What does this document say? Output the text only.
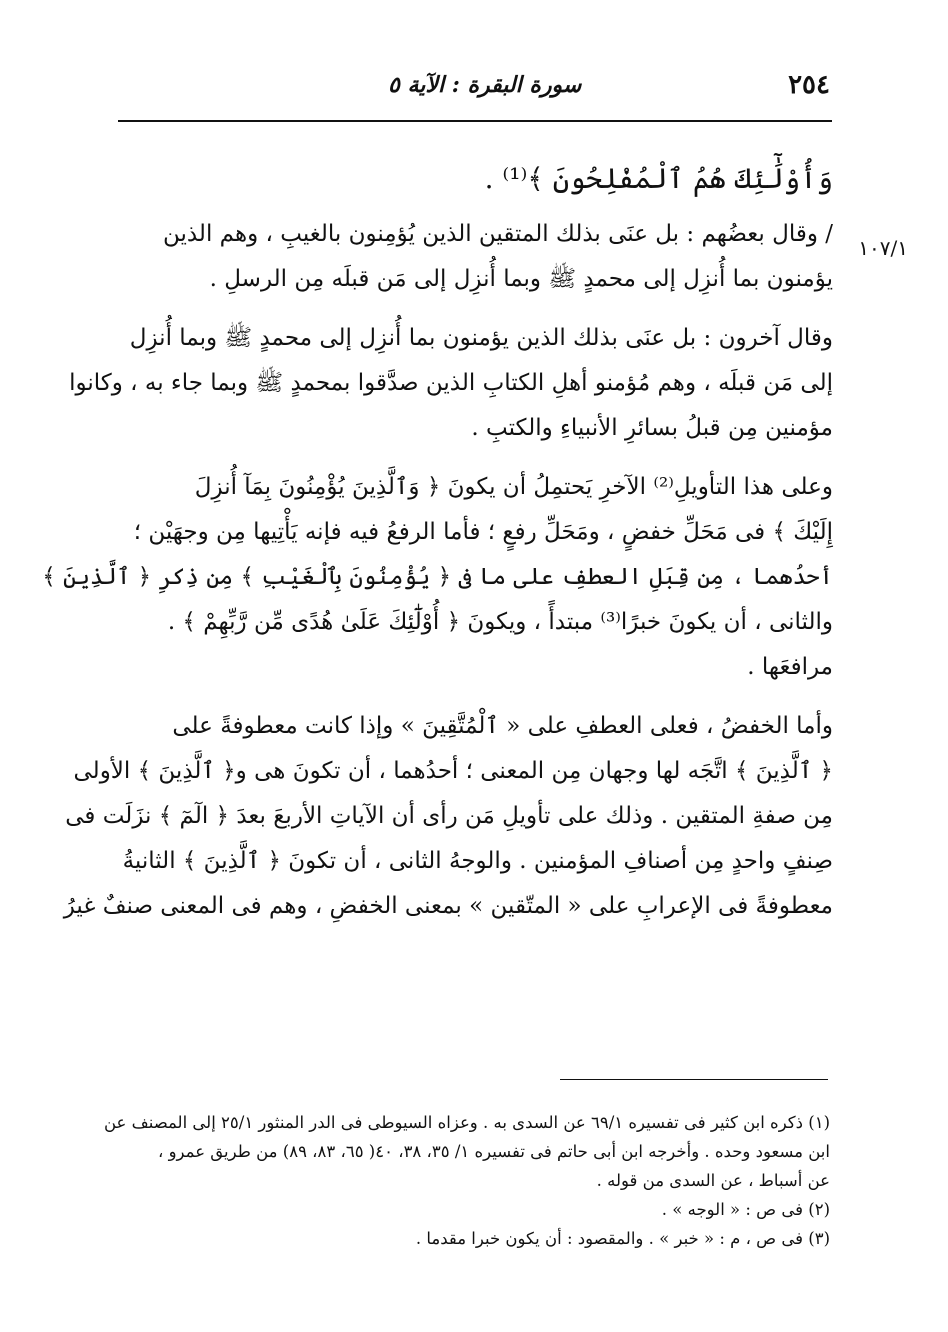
٢٥٤
سورة البقرة : الآية ٥
١٠٧/١
وَأُوْلَٰٓئِكَ هُمُ ٱلْمُفْلِحُونَ ﴾⁽¹⁾ .
/ وقال بعضُهم : بل عنَى بذلك المتقين الذين يُؤمِنون بالغيبِ ، وهم الذين
يؤمنون بما أُنزِل إلى محمدٍ ﷺ وبما أُنزِل إلى مَن قبلَه مِن الرسلِ .
وقال آخرون : بل عنَى بذلك الذين يؤمنون بما أُنزِل إلى محمدٍ ﷺ وبما أُنزِل
إلى مَن قبلَه ، وهم مُؤمنو أهلِ الكتابِ الذين صدَّقوا بمحمدٍ ﷺ وبما جاء به ، وكانوا
مؤمنين مِن قبلُ بسائرِ الأنبياءِ والكتبِ .
وعلى هذا التأويلِ⁽²⁾ الآخرِ يَحتمِلُ أن يكونَ ﴿ وَٱلَّذِينَ يُؤْمِنُونَ بِمَآ أُنزِلَ
إِلَيْكَ ﴾ فى مَحَلِّ خفضٍ ، ومَحَلِّ رفعٍ ؛ فأما الرفعُ فيه فإنه يَأْتِيها مِن وجهَيْن ؛
أحدُهما ، مِن قِبَلِ العطفِ على ما فى ﴿ يُؤْمِنُونَ بِٱلْغَيْبِ ﴾ مِن ذِكرِ ﴿ ٱلَّذِينَ ﴾
والثانى ، أن يكونَ خبرًا⁽³⁾ مبتدأً ، ويكونَ ﴿ أُوْلَٰٓئِكَ عَلَىٰ هُدًى مِّن رَّبِّهِمْ ﴾ .
مرافعَها .
وأما الخفضُ ، فعلى العطفِ على « ٱلْمُتَّقِينَ » وإذا كانت معطوفةً على
﴿ ٱلَّذِينَ ﴾ اتَّجَه لها وجهان مِن المعنى ؛ أحدُهما ، أن تكونَ هى و﴿ ٱلَّذِينَ ﴾ الأولى
مِن صفةِ المتقين . وذلك على تأويلِ مَن رأى أن الآياتِ الأربعَ بعدَ ﴿ الٓمٓ ﴾ نزَلَت فى
صِنفٍ واحدٍ مِن أصنافِ المؤمنين . والوجهُ الثانى ، أن تكونَ ﴿ ٱلَّذِينَ ﴾ الثانيةُ
معطوفةً فى الإعرابِ على « المتّقين » بمعنى الخفضِ ، وهم فى المعنى صنفٌ غيرُ
(١) ذكره ابن كثير فى تفسيره ٦٩/١ عن السدى به . وعزاه السيوطى فى الدر المنثور ٢٥/١ إلى المصنف عن
ابن مسعود وحده . وأخرجه ابن أبى حاتم فى تفسيره ١/ ٣٥، ٣٨، ٤٠( ٦٥، ٨٣، ٨٩) من طريق عمرو ،
عن أسباط ، عن السدى من قوله .
(٢) فى ص : « الوجه » .
(٣) فى ص ، م : « خبر » . والمقصود : أن يكون خبرا مقدما .
